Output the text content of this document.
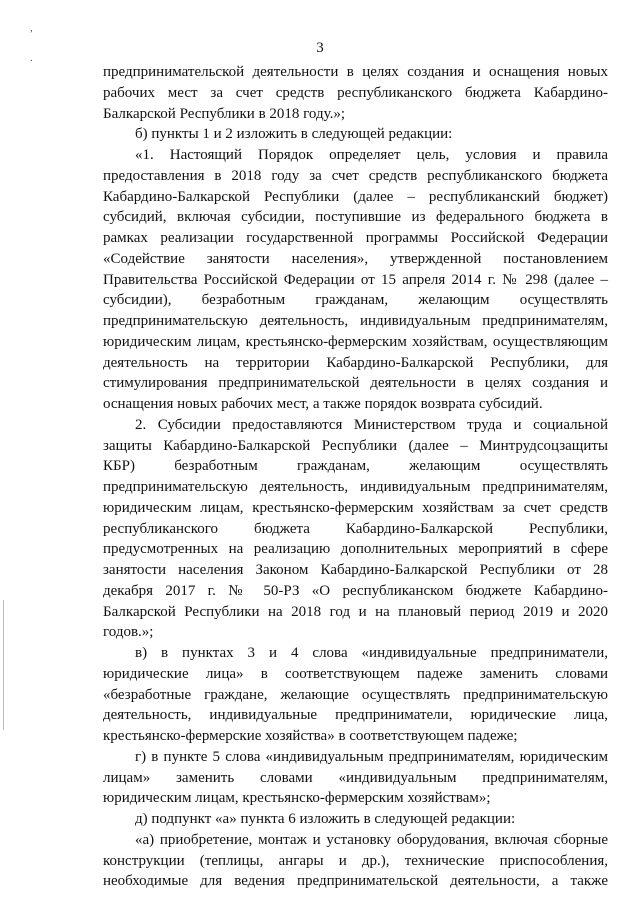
,
.
3
предпринимательской деятельности в целях создания и оснащения новых
рабочих мест за счет средств республиканского бюджета Кабардино-
Балкарской Республики в 2018 году.»;
б) пункты 1 и 2 изложить в следующей редакции:
«1. Настоящий Порядок определяет цель, условия и правила
предоставления в 2018 году за счет средств республиканского бюджета
Кабардино-Балкарской Республики (далее – республиканский бюджет)
субсидий, включая субсидии, поступившие из федерального бюджета в
рамках реализации государственной программы Российской Федерации
«Содействие занятости населения», утвержденной постановлением
Правительства Российской Федерации от 15 апреля 2014 г. № 298 (далее –
субсидии), безработным гражданам, желающим осуществлять
предпринимательскую деятельность, индивидуальным предпринимателям,
юридическим лицам, крестьянско-фермерским хозяйствам, осуществляющим
деятельность на территории Кабардино-Балкарской Республики, для
стимулирования предпринимательской деятельности в целях создания и
оснащения новых рабочих мест, а также порядок возврата субсидий.
2. Субсидии предоставляются Министерством труда и социальной
защиты Кабардино-Балкарской Республики (далее – Минтрудсоцзащиты
КБР) безработным гражданам, желающим осуществлять
предпринимательскую деятельность, индивидуальным предпринимателям,
юридическим лицам, крестьянско-фермерским хозяйствам за счет средств
республиканского бюджета Кабардино-Балкарской Республики,
предусмотренных на реализацию дополнительных мероприятий в сфере
занятости населения Законом Кабардино-Балкарской Республики от 28
декабря 2017 г. № 50-РЗ «О республиканском бюджете Кабардино-
Балкарской Республики на 2018 год и на плановый период 2019 и 2020
годов.»;
в) в пунктах 3 и 4 слова «индивидуальные предприниматели,
юридические лица» в соответствующем падеже заменить словами
«безработные граждане, желающие осуществлять предпринимательскую
деятельность, индивидуальные предприниматели, юридические лица,
крестьянско-фермерские хозяйства» в соответствующем падеже;
г) в пункте 5 слова «индивидуальным предпринимателям, юридическим
лицам» заменить словами «индивидуальным предпринимателям,
юридическим лицам, крестьянско-фермерским хозяйствам»;
д) подпункт «а» пункта 6 изложить в следующей редакции:
«а) приобретение, монтаж и установку оборудования, включая сборные
конструкции (теплицы, ангары и др.), технические приспособления,
необходимые для ведения предпринимательской деятельности, а также
